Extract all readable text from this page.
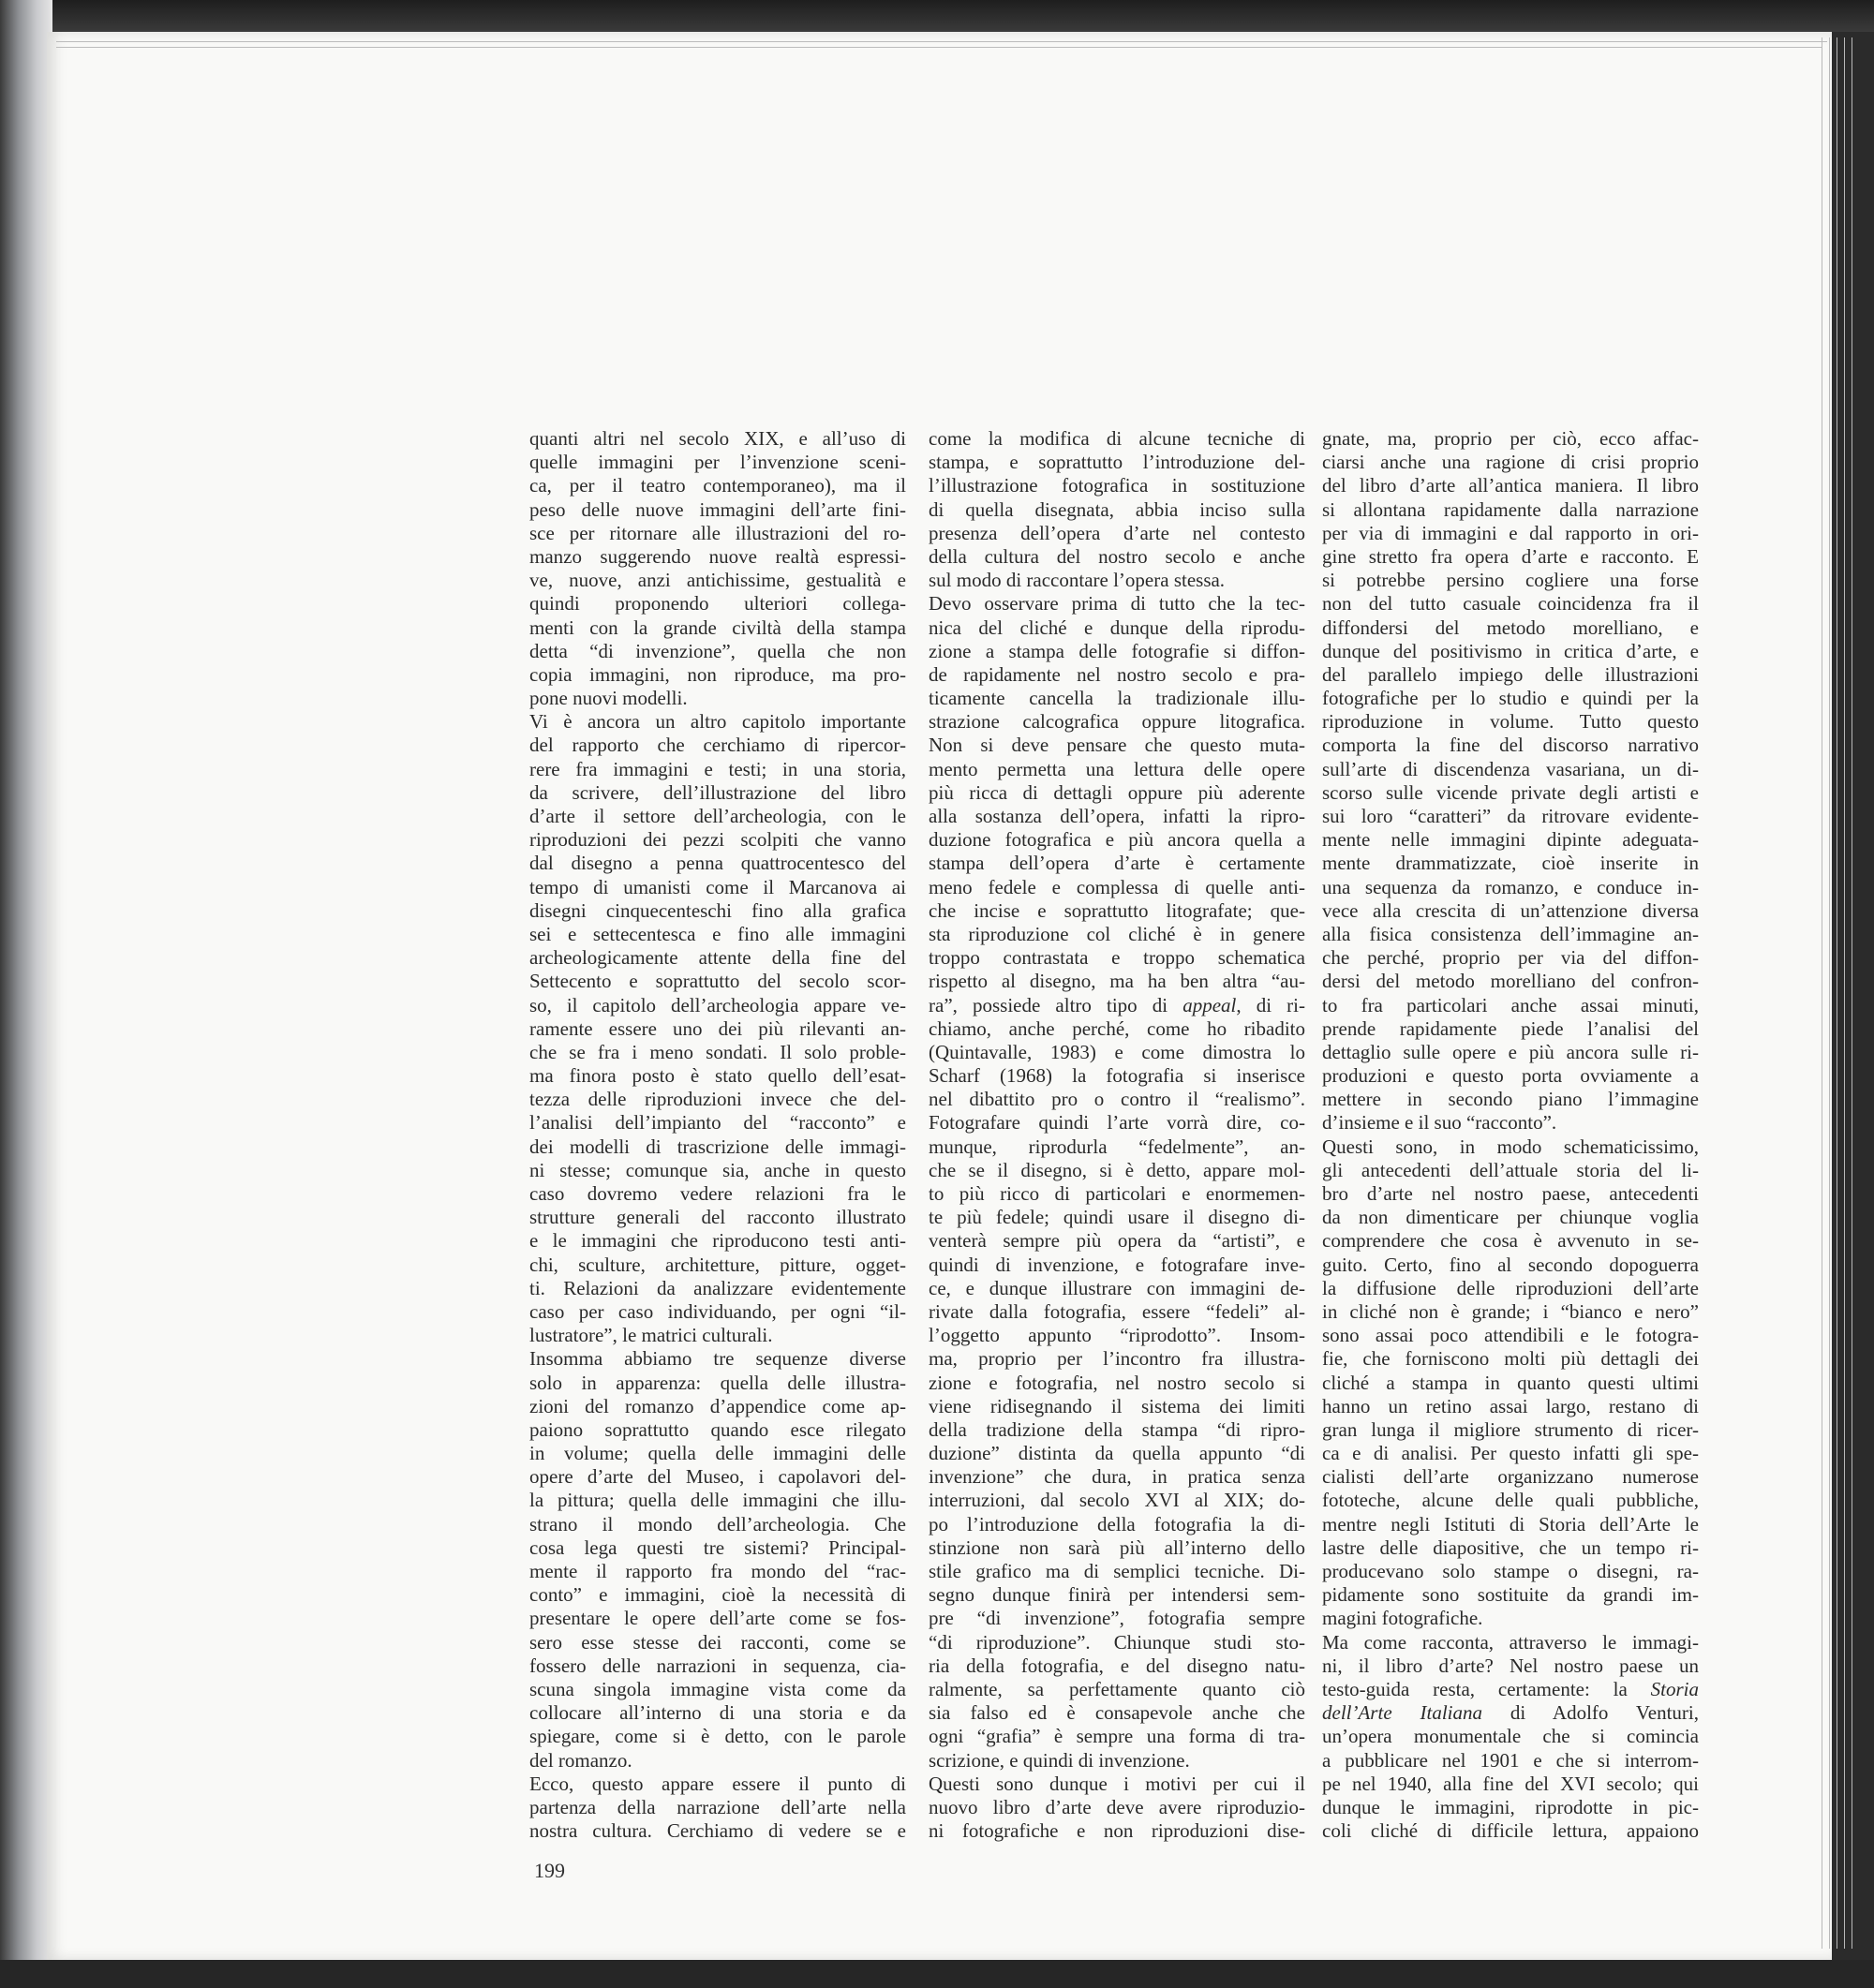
quanti altri nel secolo XIX, e all’uso di
quelle immagini per l’invenzione sceni-
ca, per il teatro contemporaneo), ma il
peso delle nuove immagini dell’arte fini-
sce per ritornare alle illustrazioni del ro-
manzo suggerendo nuove realtà espressi-
ve, nuove, anzi antichissime, gestualità e
quindi proponendo ulteriori collega-
menti con la grande civiltà della stampa
detta “di invenzione”, quella che non
copia immagini, non riproduce, ma pro-
pone nuovi modelli.
Vi è ancora un altro capitolo importante
del rapporto che cerchiamo di ripercor-
rere fra immagini e testi; in una storia,
da scrivere, dell’illustrazione del libro
d’arte il settore dell’archeologia, con le
riproduzioni dei pezzi scolpiti che vanno
dal disegno a penna quattrocentesco del
tempo di umanisti come il Marcanova ai
disegni cinquecenteschi fino alla grafica
sei e settecentesca e fino alle immagini
archeologicamente attente della fine del
Settecento e soprattutto del secolo scor-
so, il capitolo dell’archeologia appare ve-
ramente essere uno dei più rilevanti an-
che se fra i meno sondati. Il solo proble-
ma finora posto è stato quello dell’esat-
tezza delle riproduzioni invece che del-
l’analisi dell’impianto del “racconto” e
dei modelli di trascrizione delle immagi-
ni stesse; comunque sia, anche in questo
caso dovremo vedere relazioni fra le
strutture generali del racconto illustrato
e le immagini che riproducono testi anti-
chi, sculture, architetture, pitture, ogget-
ti. Relazioni da analizzare evidentemente
caso per caso individuando, per ogni “il-
lustratore”, le matrici culturali.
Insomma abbiamo tre sequenze diverse
solo in apparenza: quella delle illustra-
zioni del romanzo d’appendice come ap-
paiono soprattutto quando esce rilegato
in volume; quella delle immagini delle
opere d’arte del Museo, i capolavori del-
la pittura; quella delle immagini che illu-
strano il mondo dell’archeologia. Che
cosa lega questi tre sistemi? Principal-
mente il rapporto fra mondo del “rac-
conto” e immagini, cioè la necessità di
presentare le opere dell’arte come se fos-
sero esse stesse dei racconti, come se
fossero delle narrazioni in sequenza, cia-
scuna singola immagine vista come da
collocare all’interno di una storia e da
spiegare, come si è detto, con le parole
del romanzo.
Ecco, questo appare essere il punto di
partenza della narrazione dell’arte nella
nostra cultura. Cerchiamo di vedere se e
come la modifica di alcune tecniche di
stampa, e soprattutto l’introduzione del-
l’illustrazione fotografica in sostituzione
di quella disegnata, abbia inciso sulla
presenza dell’opera d’arte nel contesto
della cultura del nostro secolo e anche
sul modo di raccontare l’opera stessa.
Devo osservare prima di tutto che la tec-
nica del cliché e dunque della riprodu-
zione a stampa delle fotografie si diffon-
de rapidamente nel nostro secolo e pra-
ticamente cancella la tradizionale illu-
strazione calcografica oppure litografica.
Non si deve pensare che questo muta-
mento permetta una lettura delle opere
più ricca di dettagli oppure più aderente
alla sostanza dell’opera, infatti la ripro-
duzione fotografica e più ancora quella a
stampa dell’opera d’arte è certamente
meno fedele e complessa di quelle anti-
che incise e soprattutto litografate; que-
sta riproduzione col cliché è in genere
troppo contrastata e troppo schematica
rispetto al disegno, ma ha ben altra “au-
ra”, possiede altro tipo di appeal, di ri-
chiamo, anche perché, come ho ribadito
(Quintavalle, 1983) e come dimostra lo
Scharf (1968) la fotografia si inserisce
nel dibattito pro o contro il “realismo”.
Fotografare quindi l’arte vorrà dire, co-
munque, riprodurla “fedelmente”, an-
che se il disegno, si è detto, appare mol-
to più ricco di particolari e enormemen-
te più fedele; quindi usare il disegno di-
venterà sempre più opera da “artisti”, e
quindi di invenzione, e fotografare inve-
ce, e dunque illustrare con immagini de-
rivate dalla fotografia, essere “fedeli” al-
l’oggetto appunto “riprodotto”. Insom-
ma, proprio per l’incontro fra illustra-
zione e fotografia, nel nostro secolo si
viene ridisegnando il sistema dei limiti
della tradizione della stampa “di ripro-
duzione” distinta da quella appunto “di
invenzione” che dura, in pratica senza
interruzioni, dal secolo XVI al XIX; do-
po l’introduzione della fotografia la di-
stinzione non sarà più all’interno dello
stile grafico ma di semplici tecniche. Di-
segno dunque finirà per intendersi sem-
pre “di invenzione”, fotografia sempre
“di riproduzione”. Chiunque studi sto-
ria della fotografia, e del disegno natu-
ralmente, sa perfettamente quanto ciò
sia falso ed è consapevole anche che
ogni “grafia” è sempre una forma di tra-
scrizione, e quindi di invenzione.
Questi sono dunque i motivi per cui il
nuovo libro d’arte deve avere riproduzio-
ni fotografiche e non riproduzioni dise-
gnate, ma, proprio per ciò, ecco affac-
ciarsi anche una ragione di crisi proprio
del libro d’arte all’antica maniera. Il libro
si allontana rapidamente dalla narrazione
per via di immagini e dal rapporto in ori-
gine stretto fra opera d’arte e racconto. E
si potrebbe persino cogliere una forse
non del tutto casuale coincidenza fra il
diffondersi del metodo morelliano, e
dunque del positivismo in critica d’arte, e
del parallelo impiego delle illustrazioni
fotografiche per lo studio e quindi per la
riproduzione in volume. Tutto questo
comporta la fine del discorso narrativo
sull’arte di discendenza vasariana, un di-
scorso sulle vicende private degli artisti e
sui loro “caratteri” da ritrovare evidente-
mente nelle immagini dipinte adeguata-
mente drammatizzate, cioè inserite in
una sequenza da romanzo, e conduce in-
vece alla crescita di un’attenzione diversa
alla fisica consistenza dell’immagine an-
che perché, proprio per via del diffon-
dersi del metodo morelliano del confron-
to fra particolari anche assai minuti,
prende rapidamente piede l’analisi del
dettaglio sulle opere e più ancora sulle ri-
produzioni e questo porta ovviamente a
mettere in secondo piano l’immagine
d’insieme e il suo “racconto”.
Questi sono, in modo schematicissimo,
gli antecedenti dell’attuale storia del li-
bro d’arte nel nostro paese, antecedenti
da non dimenticare per chiunque voglia
comprendere che cosa è avvenuto in se-
guito. Certo, fino al secondo dopoguerra
la diffusione delle riproduzioni dell’arte
in cliché non è grande; i “bianco e nero”
sono assai poco attendibili e le fotogra-
fie, che forniscono molti più dettagli dei
cliché a stampa in quanto questi ultimi
hanno un retino assai largo, restano di
gran lunga il migliore strumento di ricer-
ca e di analisi. Per questo infatti gli spe-
cialisti dell’arte organizzano numerose
fototeche, alcune delle quali pubbliche,
mentre negli Istituti di Storia dell’Arte le
lastre delle diapositive, che un tempo ri-
producevano solo stampe o disegni, ra-
pidamente sono sostituite da grandi im-
magini fotografiche.
Ma come racconta, attraverso le immagi-
ni, il libro d’arte? Nel nostro paese un
testo-guida resta, certamente: la Storia
dell’Arte Italiana di Adolfo Venturi,
un’opera monumentale che si comincia
a pubblicare nel 1901 e che si interrom-
pe nel 1940, alla fine del XVI secolo; qui
dunque le immagini, riprodotte in pic-
coli cliché di difficile lettura, appaiono
199
